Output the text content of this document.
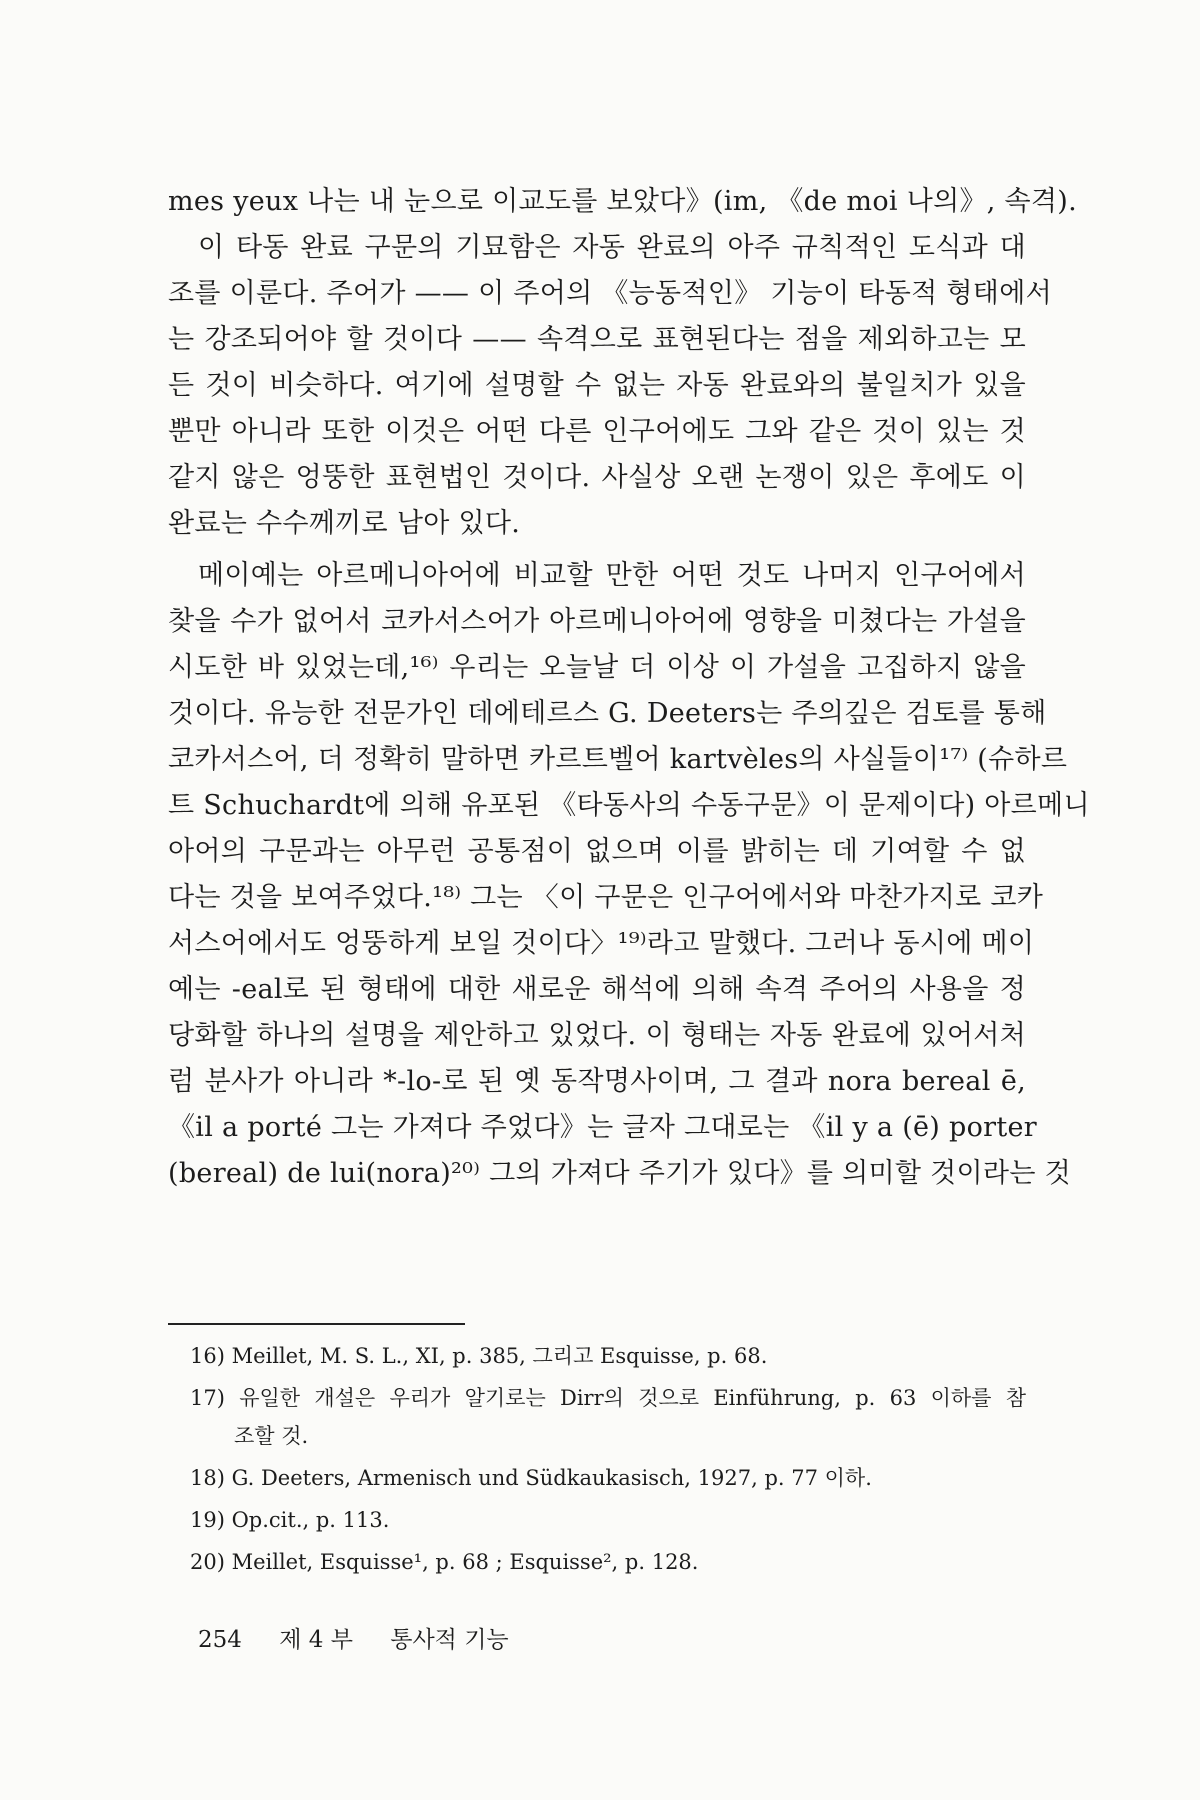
mes yeux 나는 내 눈으로 이교도를 보았다》(im, 《de moi 나의》, 속격).
이 타동 완료 구문의 기묘함은 자동 완료의 아주 규칙적인 도식과 대
조를 이룬다. 주어가 —— 이 주어의 《능동적인》 기능이 타동적 형태에서
는 강조되어야 할 것이다 —— 속격으로 표현된다는 점을 제외하고는 모
든 것이 비슷하다. 여기에 설명할 수 없는 자동 완료와의 불일치가 있을
뿐만 아니라 또한 이것은 어떤 다른 인구어에도 그와 같은 것이 있는 것
같지 않은 엉뚱한 표현법인 것이다. 사실상 오랜 논쟁이 있은 후에도 이
완료는 수수께끼로 남아 있다.
메이예는 아르메니아어에 비교할 만한 어떤 것도 나머지 인구어에서
찾을 수가 없어서 코카서스어가 아르메니아어에 영향을 미쳤다는 가설을
시도한 바 있었는데,¹⁶⁾ 우리는 오늘날 더 이상 이 가설을 고집하지 않을
것이다. 유능한 전문가인 데에테르스 G. Deeters는 주의깊은 검토를 통해
코카서스어, 더 정확히 말하면 카르트벨어 kartvèles의 사실들이¹⁷⁾ (슈하르
트 Schuchardt에 의해 유포된 《타동사의 수동구문》이 문제이다) 아르메니
아어의 구문과는 아무런 공통점이 없으며 이를 밝히는 데 기여할 수 없
다는 것을 보여주었다.¹⁸⁾ 그는 〈이 구문은 인구어에서와 마찬가지로 코카
서스어에서도 엉뚱하게 보일 것이다〉¹⁹⁾라고 말했다. 그러나 동시에 메이
예는 -eal로 된 형태에 대한 새로운 해석에 의해 속격 주어의 사용을 정
당화할 하나의 설명을 제안하고 있었다. 이 형태는 자동 완료에 있어서처
럼 분사가 아니라 *-lo-로 된 옛 동작명사이며, 그 결과 nora bereal ē,
《il a porté 그는 가져다 주었다》는 글자 그대로는 《il y a (ē) porter
(bereal) de lui(nora)²⁰⁾ 그의 가져다 주기가 있다》를 의미할 것이라는 것
16) Meillet, M. S. L., XI, p. 385, 그리고 Esquisse, p. 68.
17) 유일한 개설은 우리가 알기로는 Dirr의 것으로 Einführung, p. 63 이하를 참
조할 것.
18) G. Deeters, Armenisch und Südkaukasisch, 1927, p. 77 이하.
19) Op.cit., p. 113.
20) Meillet, Esquisse¹, p. 68 ; Esquisse², p. 128.
254 제 4 부 통사적 기능
